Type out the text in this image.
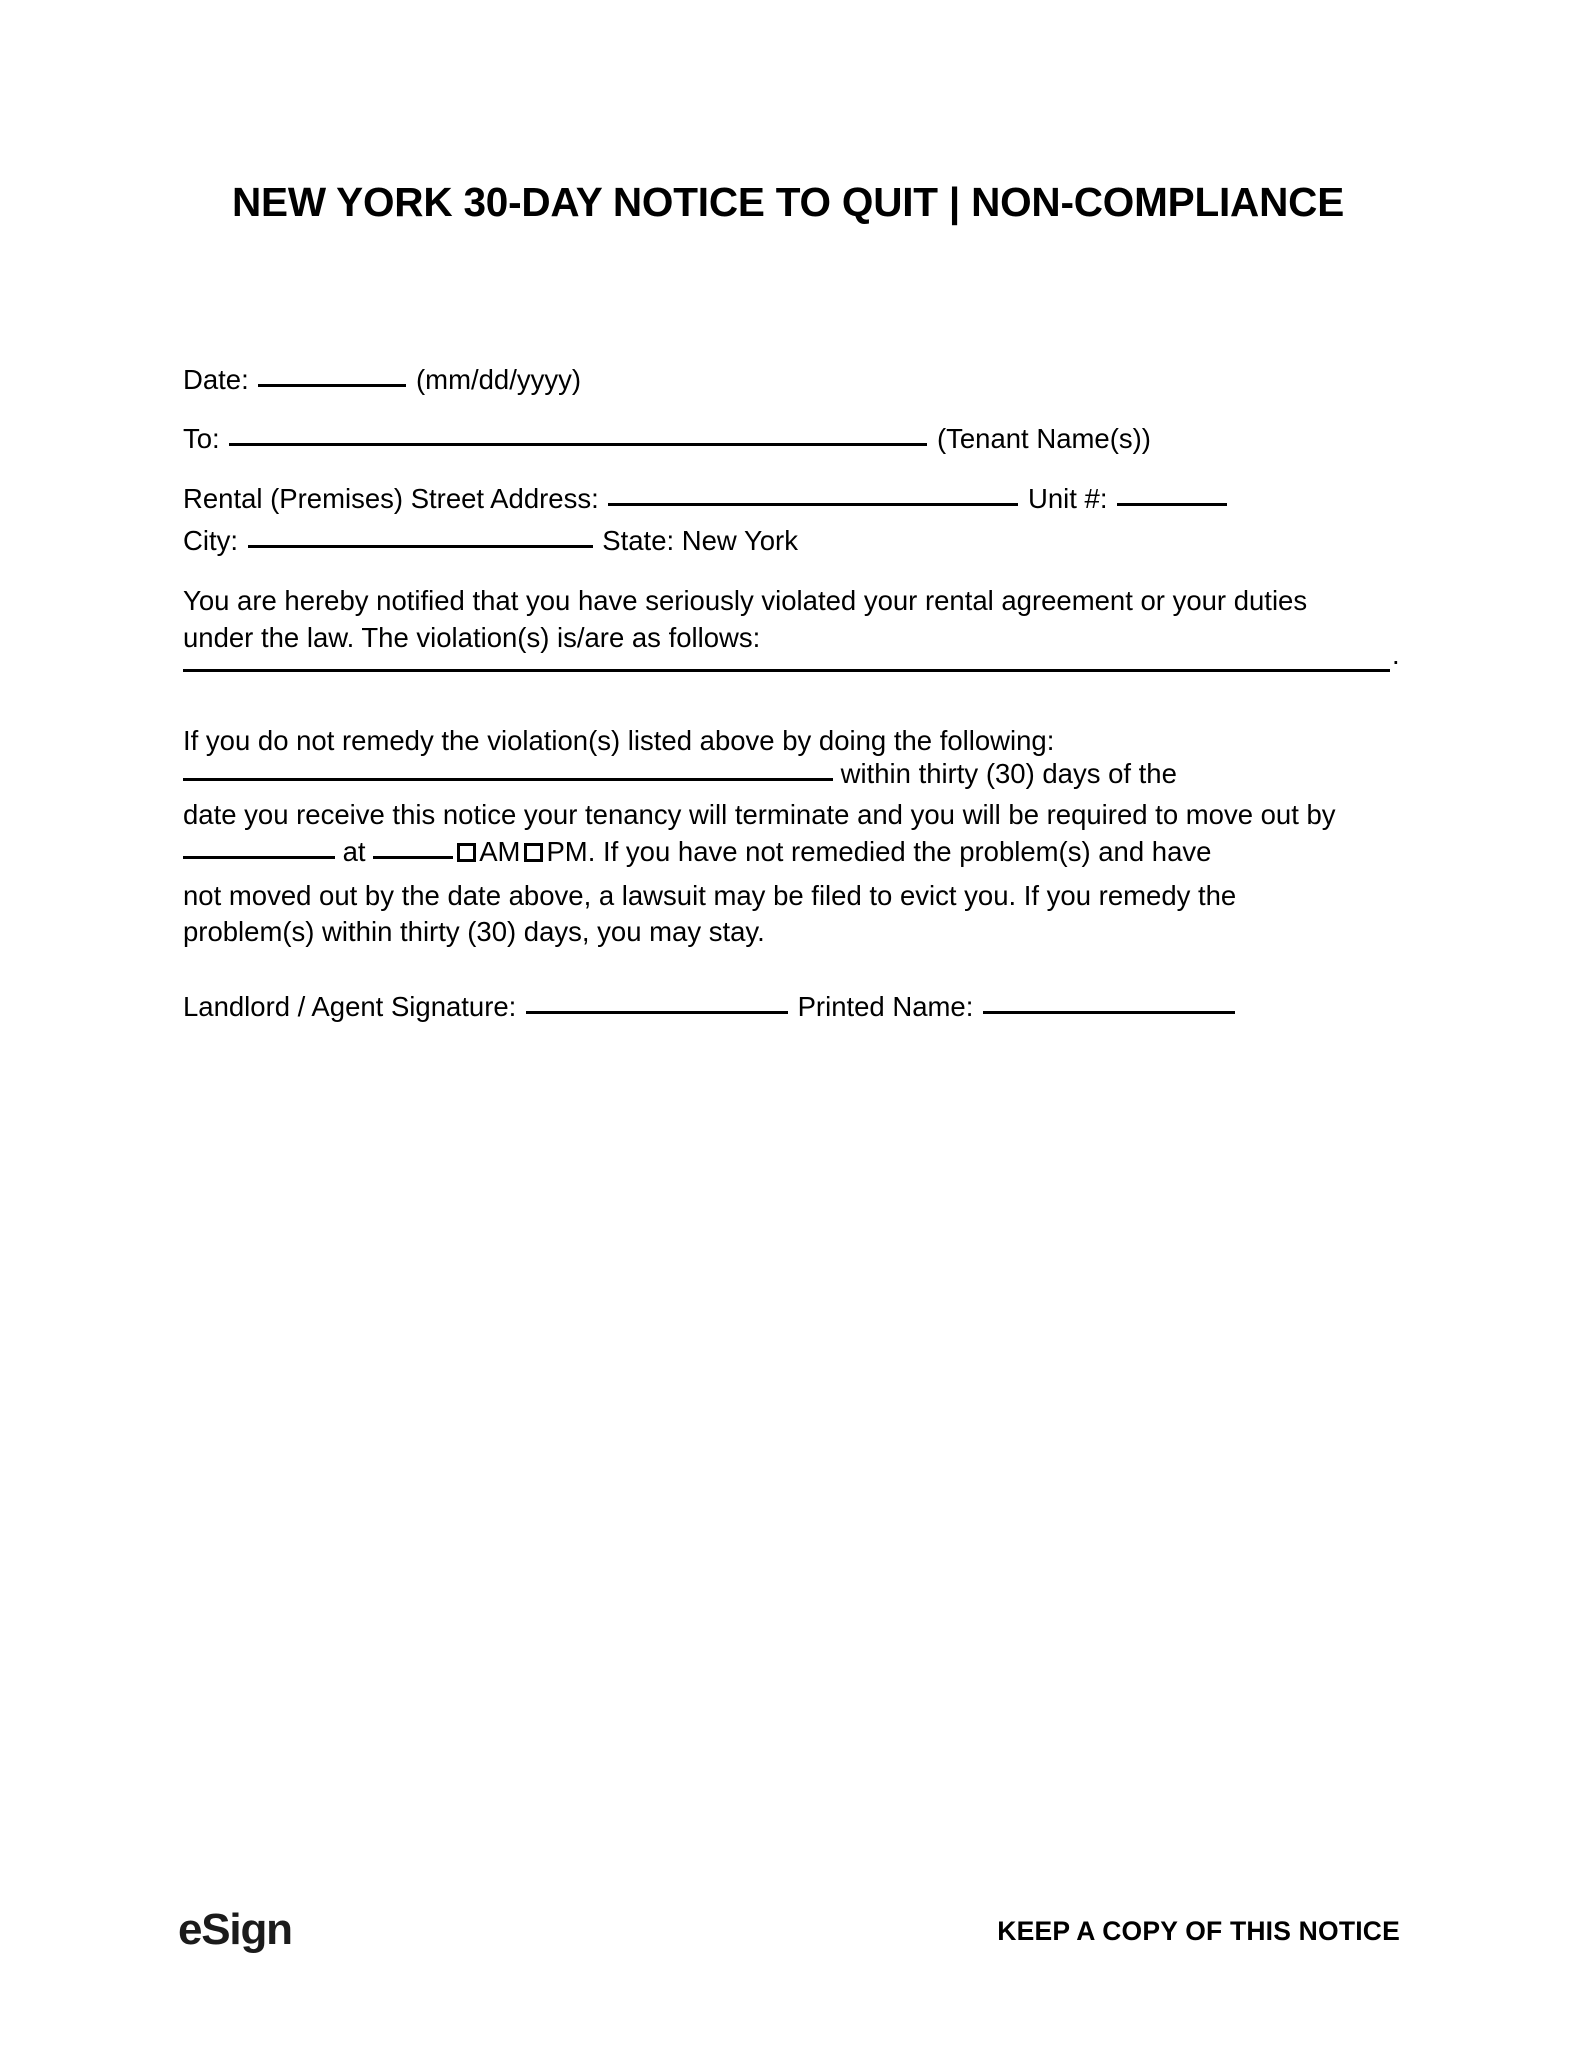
NEW YORK 30-DAY NOTICE TO QUIT | NON-COMPLIANCE
Date:	(mm/dd/yyyy)
To:	(Tenant Name(s))
Rental (Premises) Street Address:	Unit #:
City:	State: New York
You are hereby notified that you have seriously violated your rental agreement or your duties
under the law. The violation(s) is/are as follows:
.
If you do not remedy the violation(s) listed above by doing the following:
within thirty (30) days of the
date you receive this notice your tenancy will terminate and you will be required to move out by
at	AM PM. If you have not remedied the problem(s) and have
not moved out by the date above, a lawsuit may be filed to evict you. If you remedy the
problem(s) within thirty (30) days, you may stay.
Landlord / Agent Signature:	Printed Name:
eSign	KEEP A COPY OF THIS NOTICE
